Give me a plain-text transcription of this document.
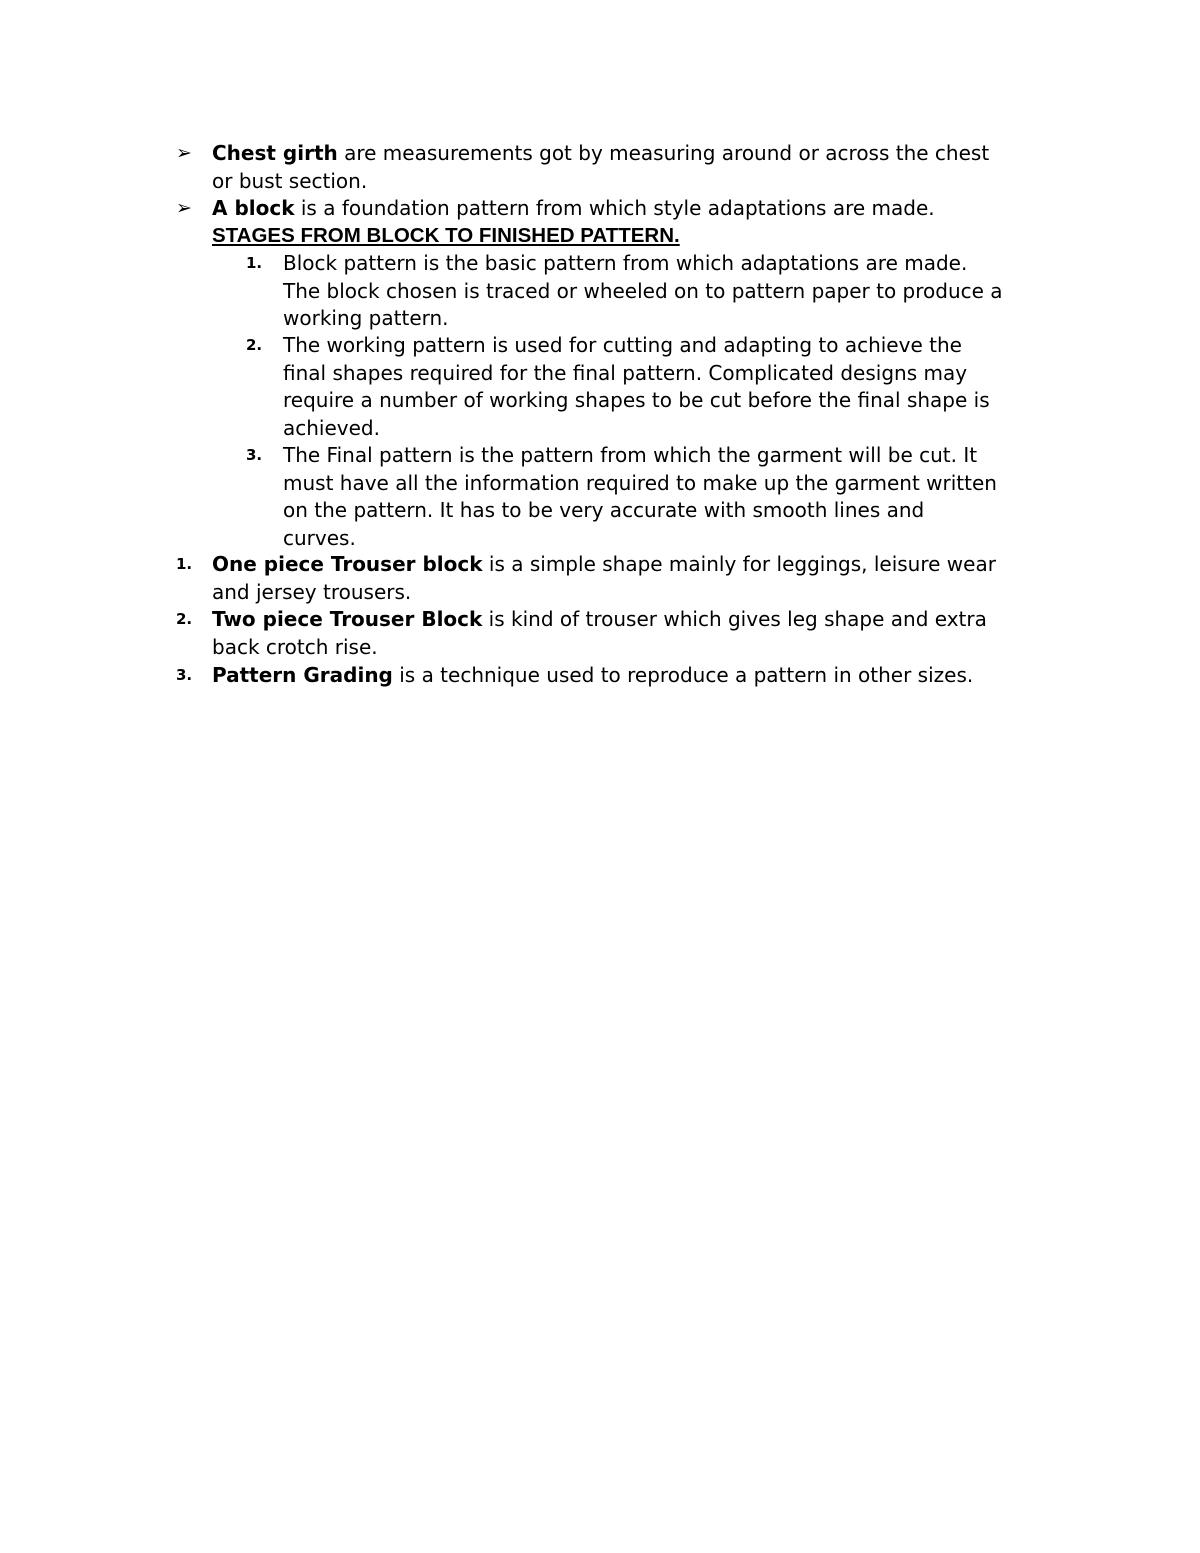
➢ Chest girth are measurements got by measuring around or across the chest
or bust section.
➢ A block is a foundation pattern from which style adaptations are made.
STAGES FROM BLOCK TO FINISHED PATTERN.
1. Block pattern is the basic pattern from which adaptations are made.
The block chosen is traced or wheeled on to pattern paper to produce a
working pattern.
2. The working pattern is used for cutting and adapting to achieve the
final shapes required for the final pattern. Complicated designs may
require a number of working shapes to be cut before the final shape is
achieved.
3. The Final pattern is the pattern from which the garment will be cut. It
must have all the information required to make up the garment written
on the pattern. It has to be very accurate with smooth lines and
curves.
1. One piece Trouser block is a simple shape mainly for leggings, leisure wear
and jersey trousers.
2. Two piece Trouser Block is kind of trouser which gives leg shape and extra
back crotch rise.
3. Pattern Grading is a technique used to reproduce a pattern in other sizes.
